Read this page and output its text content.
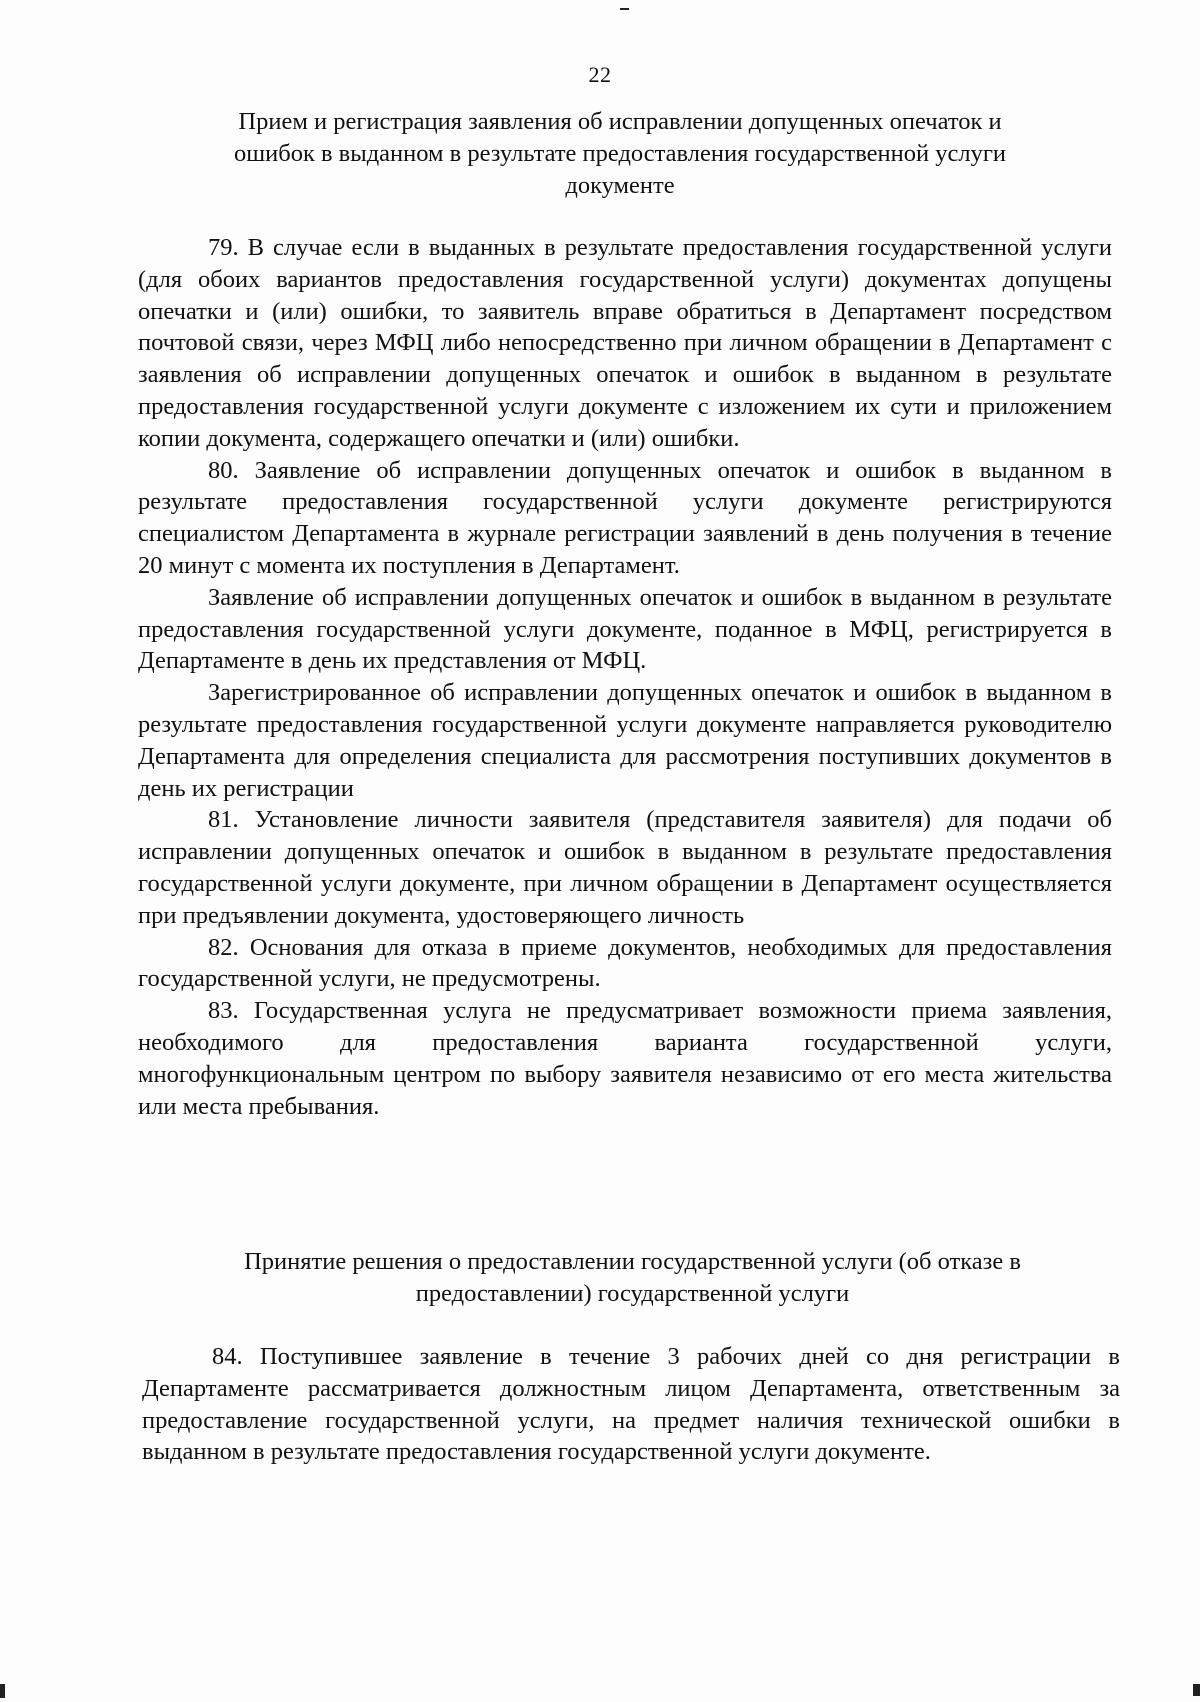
22
Прием и регистрация заявления об исправлении допущенных опечаток и
ошибок в выданном в результате предоставления государственной услуги
документе

79. В случае если в выданных в результате предоставления государственной услуги (для обоих вариантов предоставления государственной услуги) документах допущены опечатки и (или) ошибки, то заявитель вправе обратиться в Департамент посредством почтовой связи, через МФЦ либо непосредственно при личном обращении в Департамент с заявления об исправлении допущенных опечаток и ошибок в выданном в результате предоставления государственной услуги документе с изложением их сути и приложением копии документа, содержащего опечатки и (или) ошибки.

80. Заявление об исправлении допущенных опечаток и ошибок в выданном в результате предоставления государственной услуги документе регистрируются специалистом Департамента в журнале регистрации заявлений в день получения в течение 20 минут с момента их поступления в Департамент.

Заявление об исправлении допущенных опечаток и ошибок в выданном в результате предоставления государственной услуги документе, поданное в МФЦ, регистрируется в Департаменте в день их представления от МФЦ.

Зарегистрированное об исправлении допущенных опечаток и ошибок в выданном в результате предоставления государственной услуги документе направляется руководителю Департамента для определения специалиста для рассмотрения поступивших документов в день их регистрации

81. Установление личности заявителя (представителя заявителя) для подачи об исправлении допущенных опечаток и ошибок в выданном в результате предоставления государственной услуги документе, при личном обращении в Департамент осуществляется при предъявлении документа, удостоверяющего личность

82. Основания для отказа в приеме документов, необходимых для предоставления государственной услуги, не предусмотрены.

83. Государственная услуга не предусматривает возможности приема заявления, необходимого для предоставления варианта государственной услуги, многофункциональным центром по выбору заявителя независимо от его места жительства или места пребывания.

Принятие решения о предоставлении государственной услуги (об отказе в
предоставлении) государственной услуги

84. Поступившее заявление в течение 3 рабочих дней со дня регистрации в Департаменте рассматривается должностным лицом Департамента, ответственным за предоставление государственной услуги, на предмет наличия технической ошибки в выданном в результате предоставления государственной услуги документе.
